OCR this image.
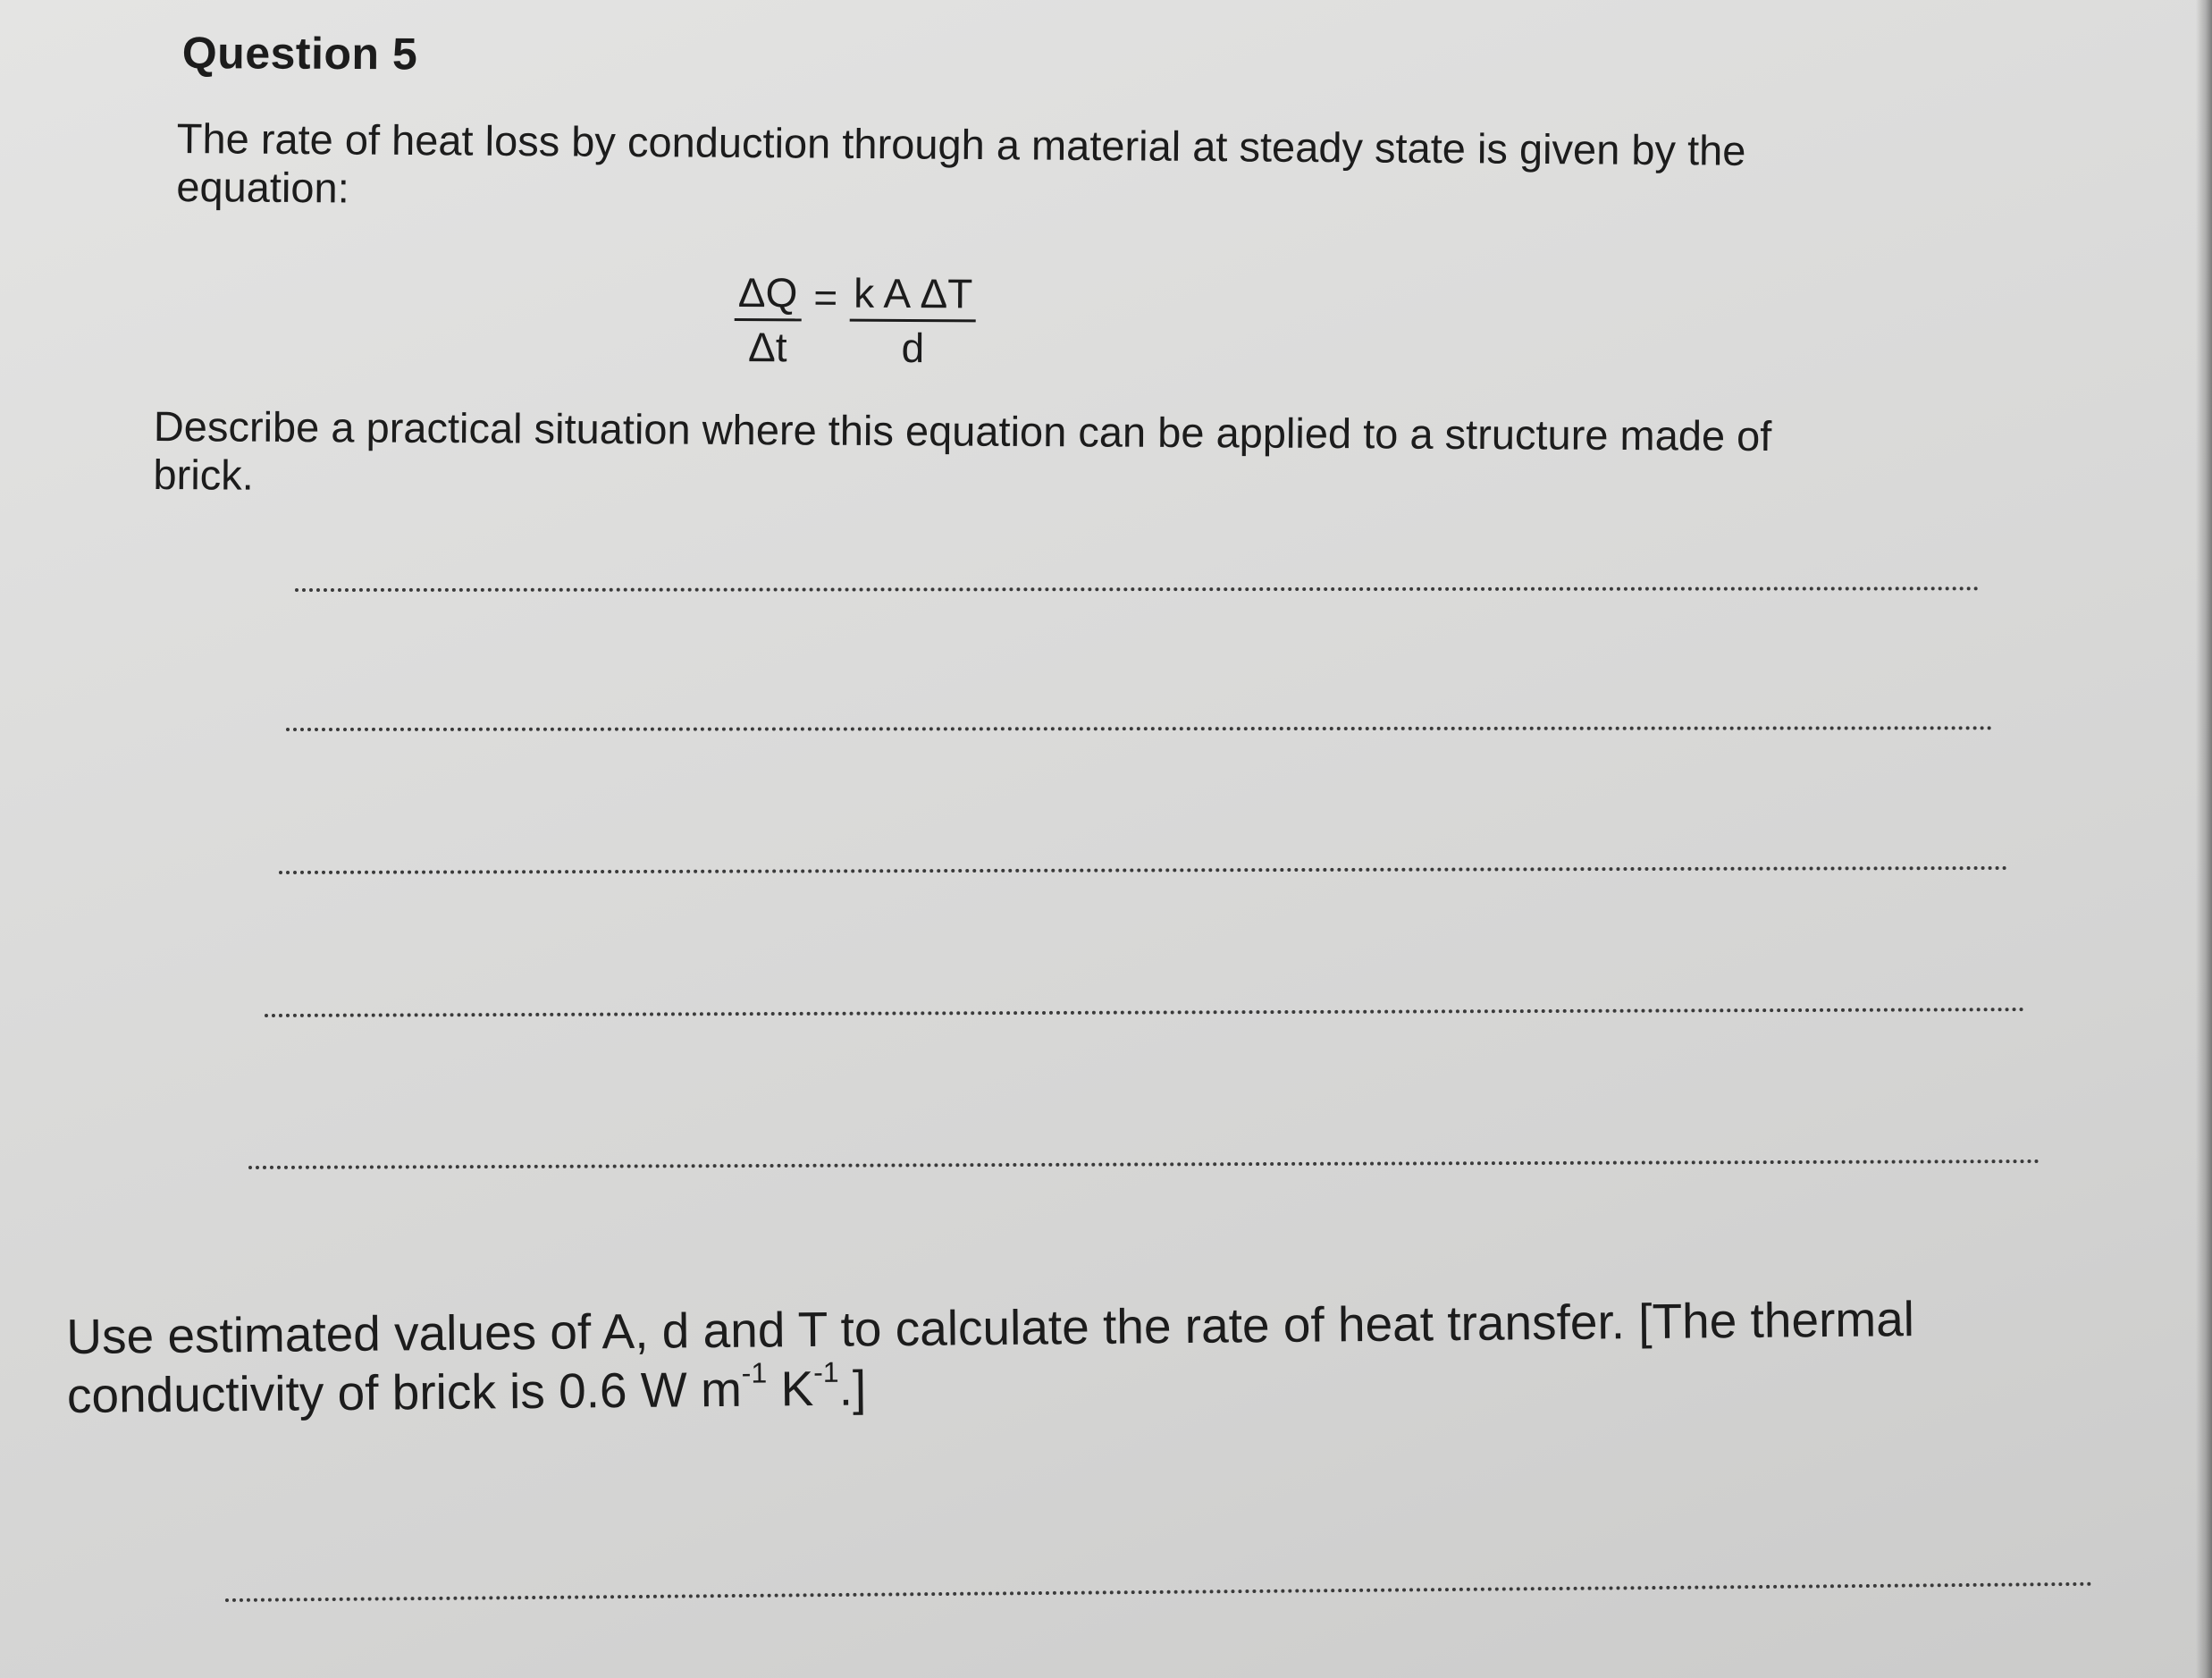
Question 5
The rate of heat loss by conduction through a material at steady state is given by the
equation:
$\frac{\Delta Q}{\Delta t} = \frac{\text{k A ΔT}}{d}$
Describe a practical situation where this equation can be applied to a structure made of
brick.
Use estimated values of A, d and T to calculate the rate of heat transfer. [The thermal
conductivity of brick is 0.6 W $m^{-1}$ $K^{-1}$.]
